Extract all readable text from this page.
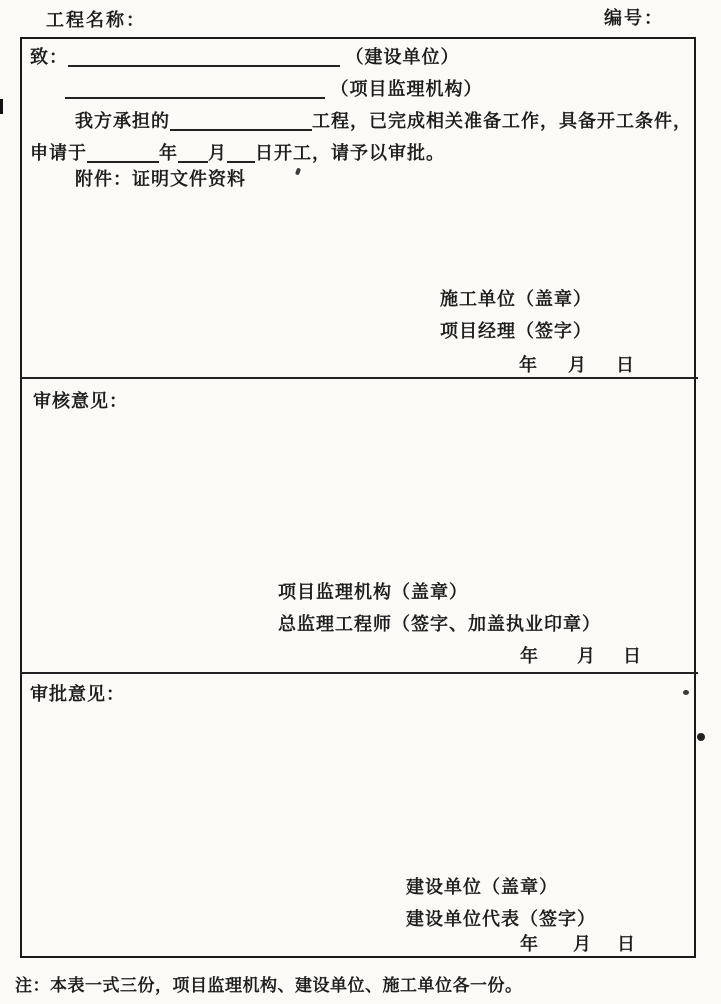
工程名称：	编号：
致：	（建设单位）
（项目监理机构）
我方承担的	工程，已完成相关准备工作，具备开工条件，
申请于	年 月 日开工，请予以审批。
附件：证明文件资料
施工单位（盖章）
项目经理（签字）
年 月 日
审核意见：
项目监理机构（盖章）
总监理工程师（签字、加盖执业印章）
年 月 日
审批意见：
建设单位（盖章）
建设单位代表（签字）
年 月 日
注：本表一式三份，项目监理机构、建设单位、施工单位各一份。
